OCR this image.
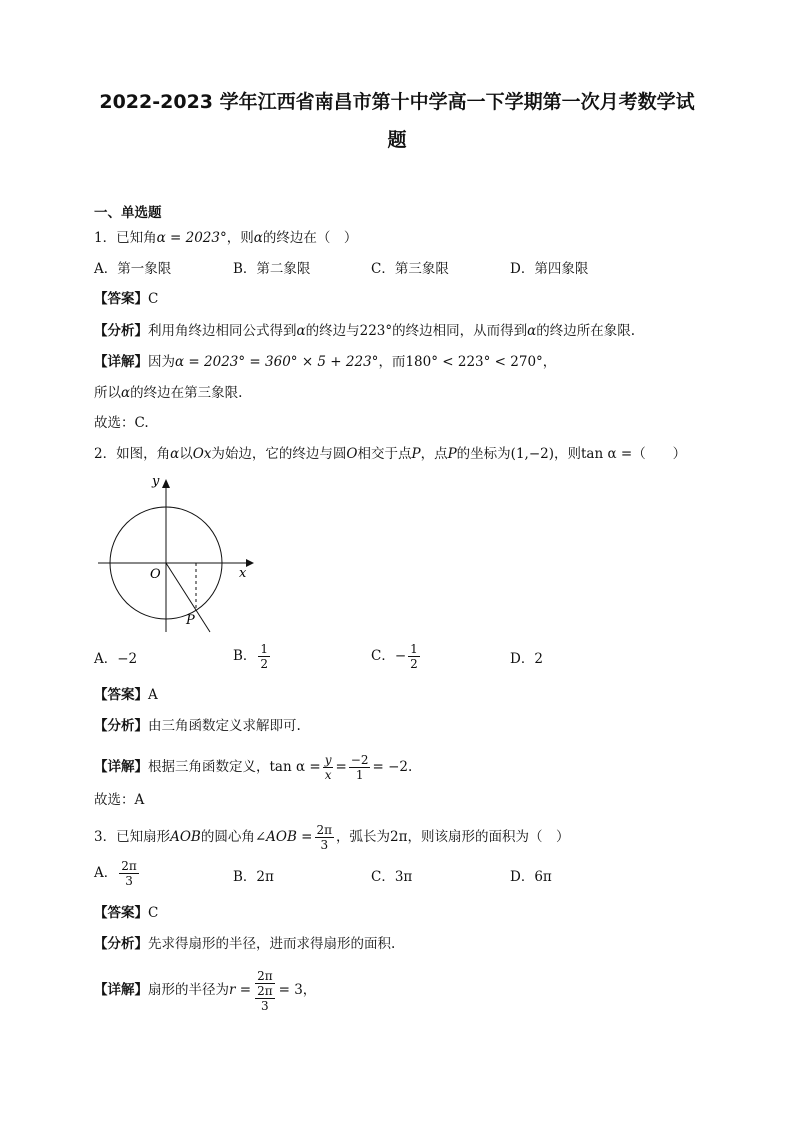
2022-2023 学年江西省南昌市第十中学高一下学期第一次月考数学试
题
一、单选题
1．已知角α = 2023°，则α的终边在（　）
A．第一象限	B．第二象限	C．第三象限	D．第四象限
【答案】C
【分析】利用角终边相同公式得到α的终边与223°的终边相同，从而得到α的终边所在象限.
【详解】因为α = 2023° = 360° × 5 + 223°，而180° < 223° < 270°，
所以α的终边在第三象限.
故选：C.
2．如图，角α以Ox为始边，它的终边与圆O相交于点P，点P的坐标为(1,−2)，则tan α =（　　）
y
x
O
P
A．−2	B． $\frac{1}{2}$	C．− $\frac{1}{2}$	D．2
【答案】A
【分析】由三角函数定义求解即可.
【详解】根据三角函数定义，$\tan \alpha = \frac{y}{x} = \frac{-2}{1} = -2$.
故选：A
3．已知扇形AOB的圆心角∠AOB = $\frac{2\pi}{3}$ ，弧长为2π，则该扇形的面积为（　）
A． $\frac{2\pi}{3}$	B．2π	C．3π	D．6π
【答案】C
【分析】先求得扇形的半径，进而求得扇形的面积.
【详解】扇形的半径为$r = \frac{2\pi}{\frac{2\pi}{3}} = 3$，
